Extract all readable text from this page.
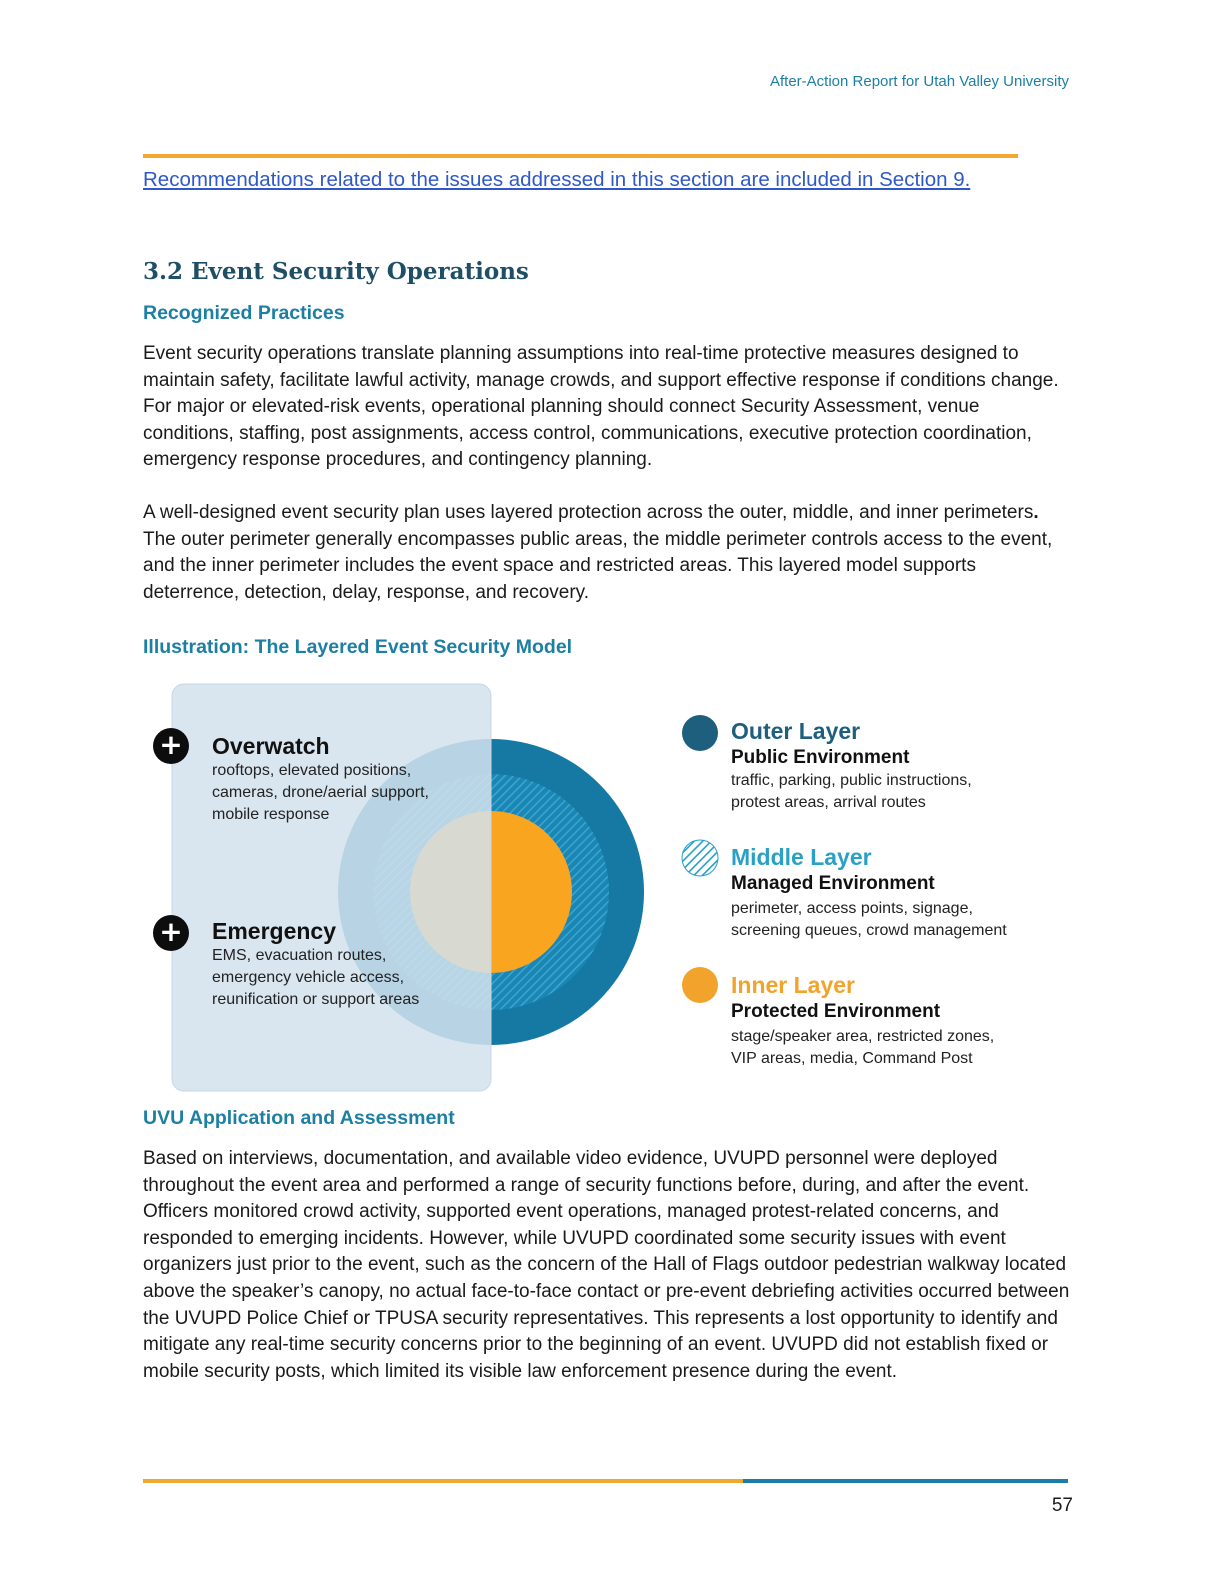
After-Action Report for Utah Valley University
Recommendations related to the issues addressed in this section are included in Section 9.
3.2 Event Security Operations
Recognized Practices

Event security operations translate planning assumptions into real-time protective measures designed to maintain safety, facilitate lawful activity, manage crowds, and support effective response if conditions change. For major or elevated-risk events, operational planning should connect Security Assessment, venue conditions, staffing, post assignments, access control, communications, executive protection coordination, emergency response procedures, and contingency planning.

A well-designed event security plan uses layered protection across the outer, middle, and inner perimeters. The outer perimeter generally encompasses public areas, the middle perimeter controls access to the event, and the inner perimeter includes the event space and restricted areas. This layered model supports deterrence, detection, delay, response, and recovery.

Illustration: The Layered Event Security Model
+
+
Overwatch
rooftops, elevated positions,
cameras, drone/aerial support,
mobile response
Emergency
EMS, evacuation routes,
emergency vehicle access,
reunification or support areas
Outer Layer
Public Environment
traffic, parking, public instructions,
protest areas, arrival routes
Middle Layer
Managed Environment
perimeter, access points, signage,
screening queues, crowd management
Inner Layer
Protected Environment
stage/speaker area, restricted zones,
VIP areas, media, Command Post
UVU Application and Assessment

Based on interviews, documentation, and available video evidence, UVUPD personnel were deployed throughout the event area and performed a range of security functions before, during, and after the event. Officers monitored crowd activity, supported event operations, managed protest-related concerns, and responded to emerging incidents. However, while UVUPD coordinated some security issues with event organizers just prior to the event, such as the concern of the Hall of Flags outdoor pedestrian walkway located above the speaker’s canopy, no actual face-to-face contact or pre-event debriefing activities occurred between the UVUPD Police Chief or TPUSA security representatives. This represents a lost opportunity to identify and mitigate any real-time security concerns prior to the beginning of an event. UVUPD did not establish fixed or mobile security posts, which limited its visible law enforcement presence during the event.

57
